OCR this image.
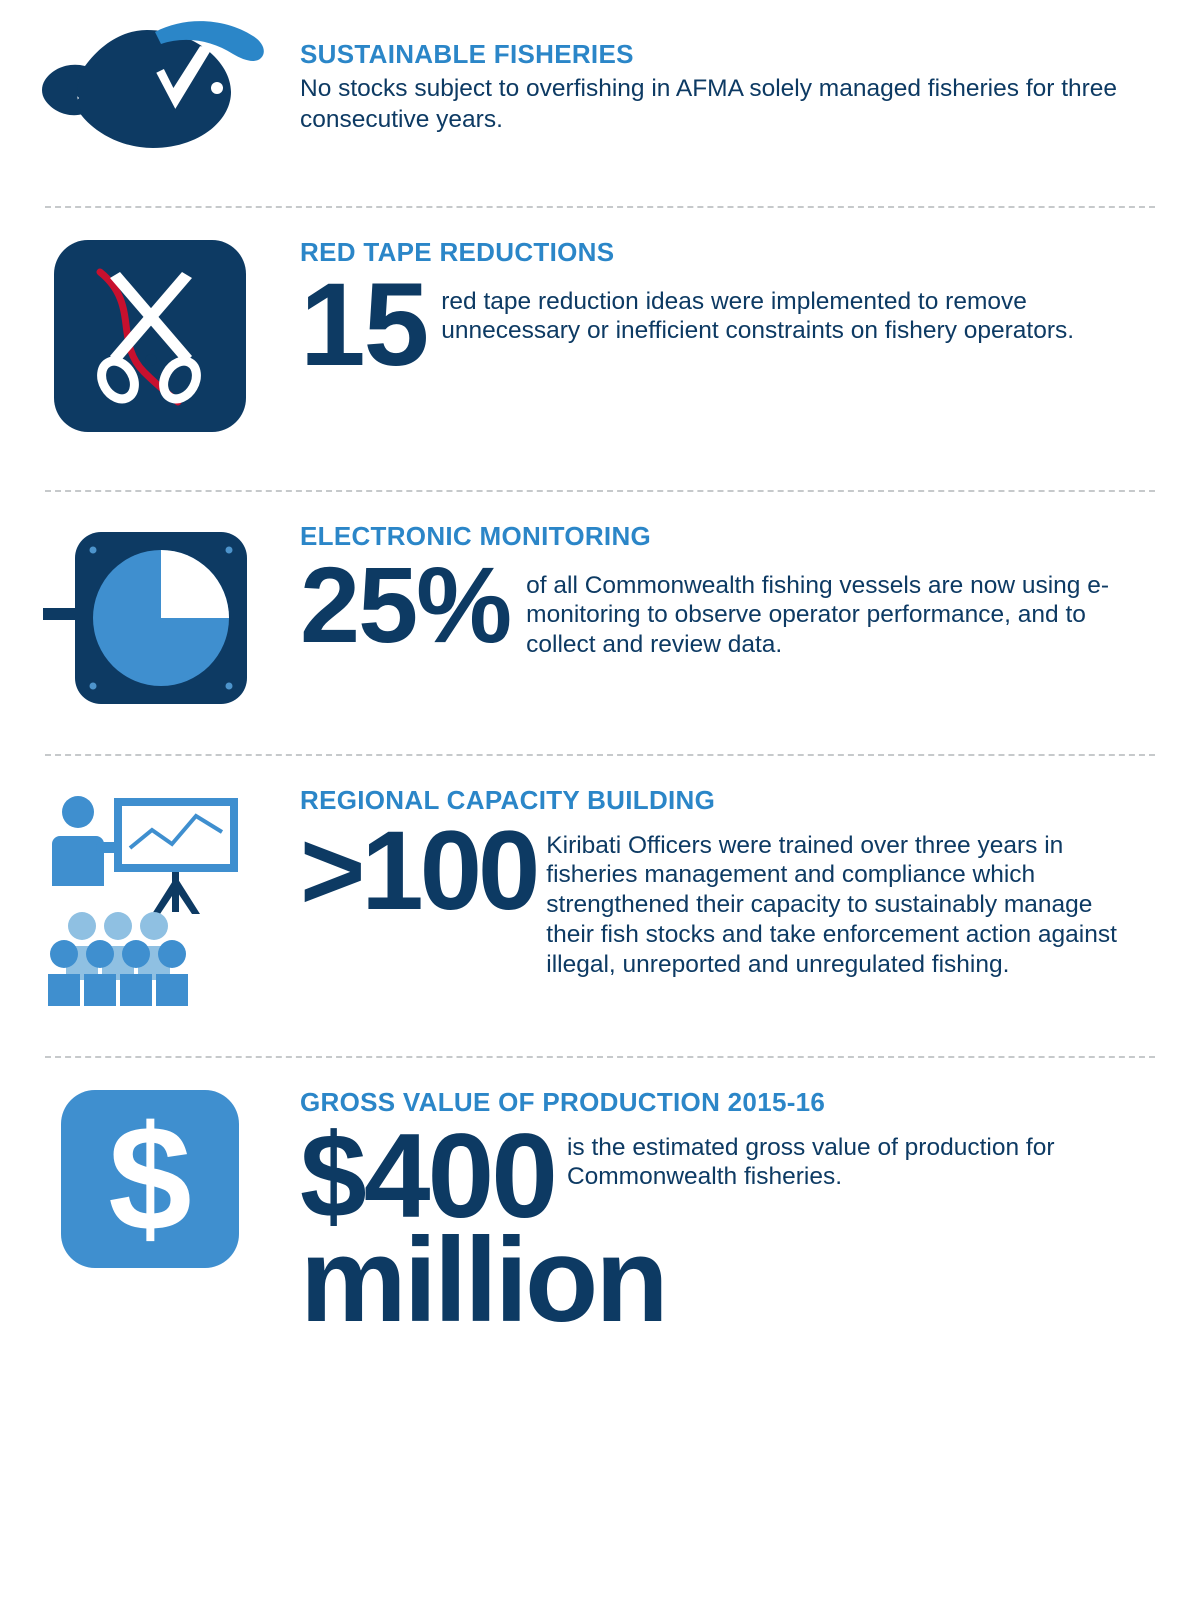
SUSTAINABLE FISHERIES
No stocks subject to overfishing in AFMA solely managed fisheries for three consecutive years.
RED TAPE REDUCTIONS
15 red tape reduction ideas were implemented to remove unnecessary or inefficient constraints on fishery operators.
ELECTRONIC MONITORING
25% of all Commonwealth fishing vessels are now using e-monitoring to observe operator performance, and to collect and review data.
REGIONAL CAPACITY BUILDING
>100 Kiribati Officers were trained over three years in fisheries management and compliance which strengthened their capacity to sustainably manage their fish stocks and take enforcement action against illegal, unreported and unregulated fishing.
$	GROSS VALUE OF PRODUCTION 2015-16
$400 is the estimated gross value of production for Commonwealth fisheries.
million
